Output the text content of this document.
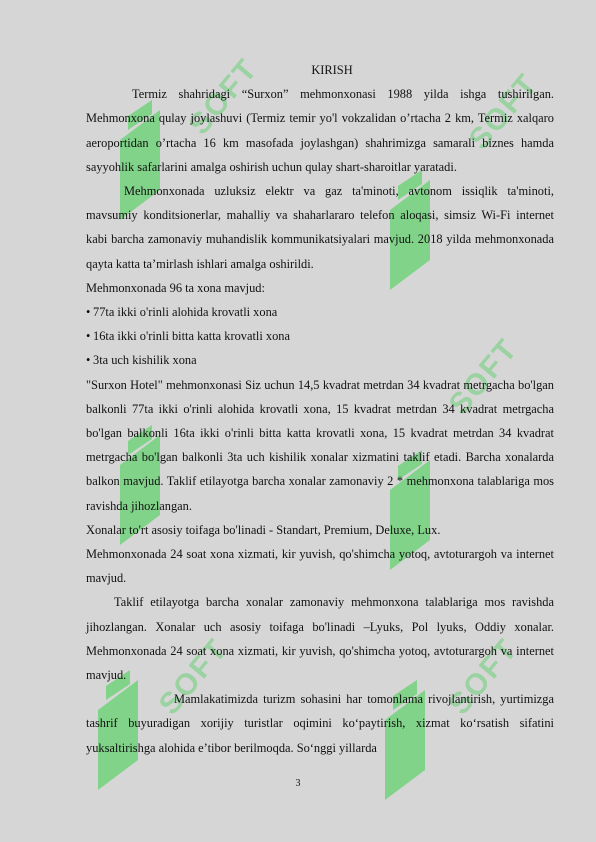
SOFT	SOFT
SOFT
SOFT	SOFT
KIRISH

Termiz shahridagi “Surxon” mehmonxonasi 1988 yilda ishga tushirilgan. Mehmonxona qulay joylashuvi (Termiz temir yo'l vokzalidan o’rtacha 2 km, Termiz xalqaro aeroportidan o’rtacha 16 km masofada joylashgan) shahrimizga samarali biznes hamda sayyohlik safarlarini amalga oshirish uchun qulay shart-sharoitlar yaratadi.

Mehmonxonada uzluksiz elektr va gaz ta'minoti, avtonom issiqlik ta'minoti, mavsumiy konditsionerlar, mahalliy va shaharlararo telefon aloqasi, simsiz Wi-Fi internet kabi barcha zamonaviy muhandislik kommunikatsiyalari mavjud. 2018 yilda mehmonxonada qayta katta ta’mirlash ishlari amalga oshirildi.

Mehmonxonada 96 ta xona mavjud:

• 77ta ikki o'rinli alohida krovatli xona

• 16ta ikki o'rinli bitta katta krovatli xona

• 3ta uch kishilik xona

"Surxon Hotel" mehmonxonasi Siz uchun 14,5 kvadrat metrdan 34 kvadrat metrgacha bo'lgan balkonli 77ta ikki o'rinli alohida krovatli xona, 15 kvadrat metrdan 34 kvadrat metrgacha bo'lgan balkonli 16ta ikki o'rinli bitta katta krovatli xona, 15 kvadrat metrdan 34 kvadrat metrgacha bo'lgan balkonli 3ta uch kishilik xonalar xizmatini taklif etadi. Barcha xonalarda balkon mavjud. Taklif etilayotga barcha xonalar zamonaviy 2 * mehmonxona talablariga mos ravishda jihozlangan.

Xonalar to'rt asosiy toifaga bo'linadi - Standart, Premium, Deluxe, Lux.

Mehmonxonada 24 soat xona xizmati, kir yuvish, qo'shimcha yotoq, avtoturargoh va internet mavjud.

Taklif etilayotga barcha xonalar zamonaviy mehmonxona talablariga mos ravishda jihozlangan. Xonalar uch asosiy toifaga bo'linadi –Lyuks, Pol lyuks, Oddiy xonalar. Mehmonxonada 24 soat xona xizmati, kir yuvish, qo'shimcha yotoq, avtoturargoh va internet mavjud.

Mamlakatimizda turizm sohasini har tomonlama rivojlantirish, yurtimizga tashrif buyuradigan xorijiy turistlar oqimini ko‘paytirish, xizmat ko‘rsatish sifatini yuksaltirishga alohida e’tibor berilmoqda. So‘nggi yillarda

3
